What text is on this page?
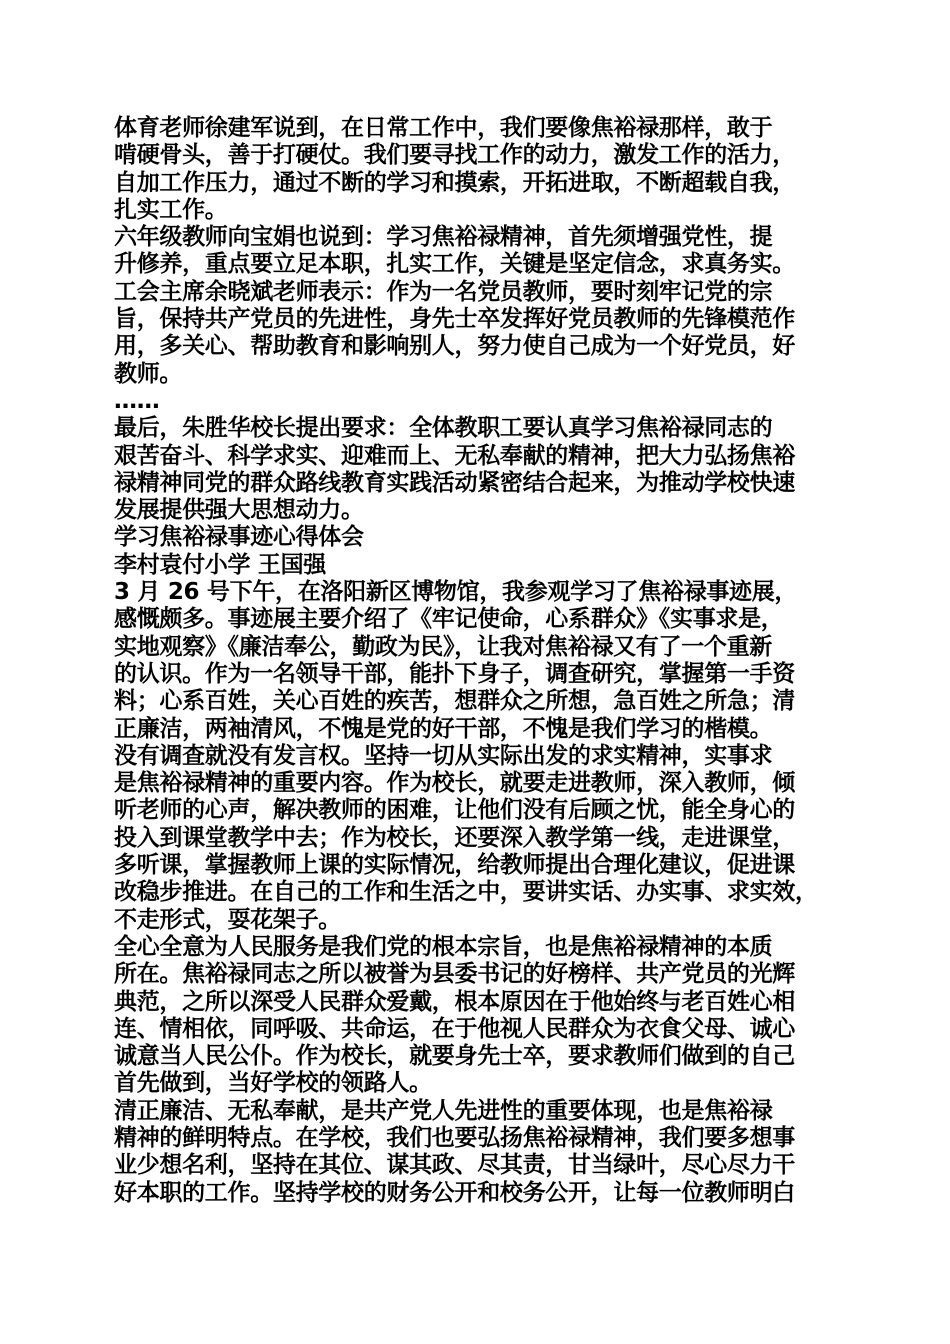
体育老师徐建军说到，在日常工作中，我们要像焦裕禄那样，敢于
啃硬骨头，善于打硬仗。我们要寻找工作的动力，激发工作的活力，
自加工作压力，通过不断的学习和摸索，开拓进取，不断超载自我，
扎实工作。
六年级教师向宝娟也说到：学习焦裕禄精神，首先须增强党性，提
升修养，重点要立足本职，扎实工作，关键是坚定信念，求真务实。
工会主席余晓斌老师表示：作为一名党员教师，要时刻牢记党的宗
旨，保持共产党员的先进性，身先士卒发挥好党员教师的先锋模范作
用，多关心、帮助教育和影响别人，努力使自己成为一个好党员，好
教师。
……
最后，朱胜华校长提出要求：全体教职工要认真学习焦裕禄同志的
艰苦奋斗、科学求实、迎难而上、无私奉献的精神，把大力弘扬焦裕
禄精神同党的群众路线教育实践活动紧密结合起来，为推动学校快速
发展提供强大思想动力。
学习焦裕禄事迹心得体会
李村袁付小学 王国强
3 月 26 号下午，在洛阳新区博物馆，我参观学习了焦裕禄事迹展，
感慨颇多。事迹展主要介绍了《牢记使命，心系群众》《实事求是，
实地观察》《廉洁奉公，勤政为民》，让我对焦裕禄又有了一个重新
的认识。作为一名领导干部，能扑下身子，调查研究，掌握第一手资
料；心系百姓，关心百姓的疾苦，想群众之所想，急百姓之所急；清
正廉洁，两袖清风，不愧是党的好干部，不愧是我们学习的楷模。
没有调查就没有发言权。坚持一切从实际出发的求实精神，实事求
是焦裕禄精神的重要内容。作为校长，就要走进教师，深入教师，倾
听老师的心声，解决教师的困难，让他们没有后顾之忧，能全身心的
投入到课堂教学中去；作为校长，还要深入教学第一线，走进课堂，
多听课，掌握教师上课的实际情况，给教师提出合理化建议，促进课
改稳步推进。在自己的工作和生活之中，要讲实话、办实事、求实效，
不走形式，耍花架子。
全心全意为人民服务是我们党的根本宗旨，也是焦裕禄精神的本质
所在。焦裕禄同志之所以被誉为县委书记的好榜样、共产党员的光辉
典范，之所以深受人民群众爱戴，根本原因在于他始终与老百姓心相
连、情相依，同呼吸、共命运，在于他视人民群众为衣食父母、诚心
诚意当人民公仆。作为校长，就要身先士卒，要求教师们做到的自己
首先做到，当好学校的领路人。
清正廉洁、无私奉献，是共产党人先进性的重要体现，也是焦裕禄
精神的鲜明特点。在学校，我们也要弘扬焦裕禄精神，我们要多想事
业少想名利，坚持在其位、谋其政、尽其责，甘当绿叶，尽心尽力干
好本职的工作。坚持学校的财务公开和校务公开，让每一位教师明白
